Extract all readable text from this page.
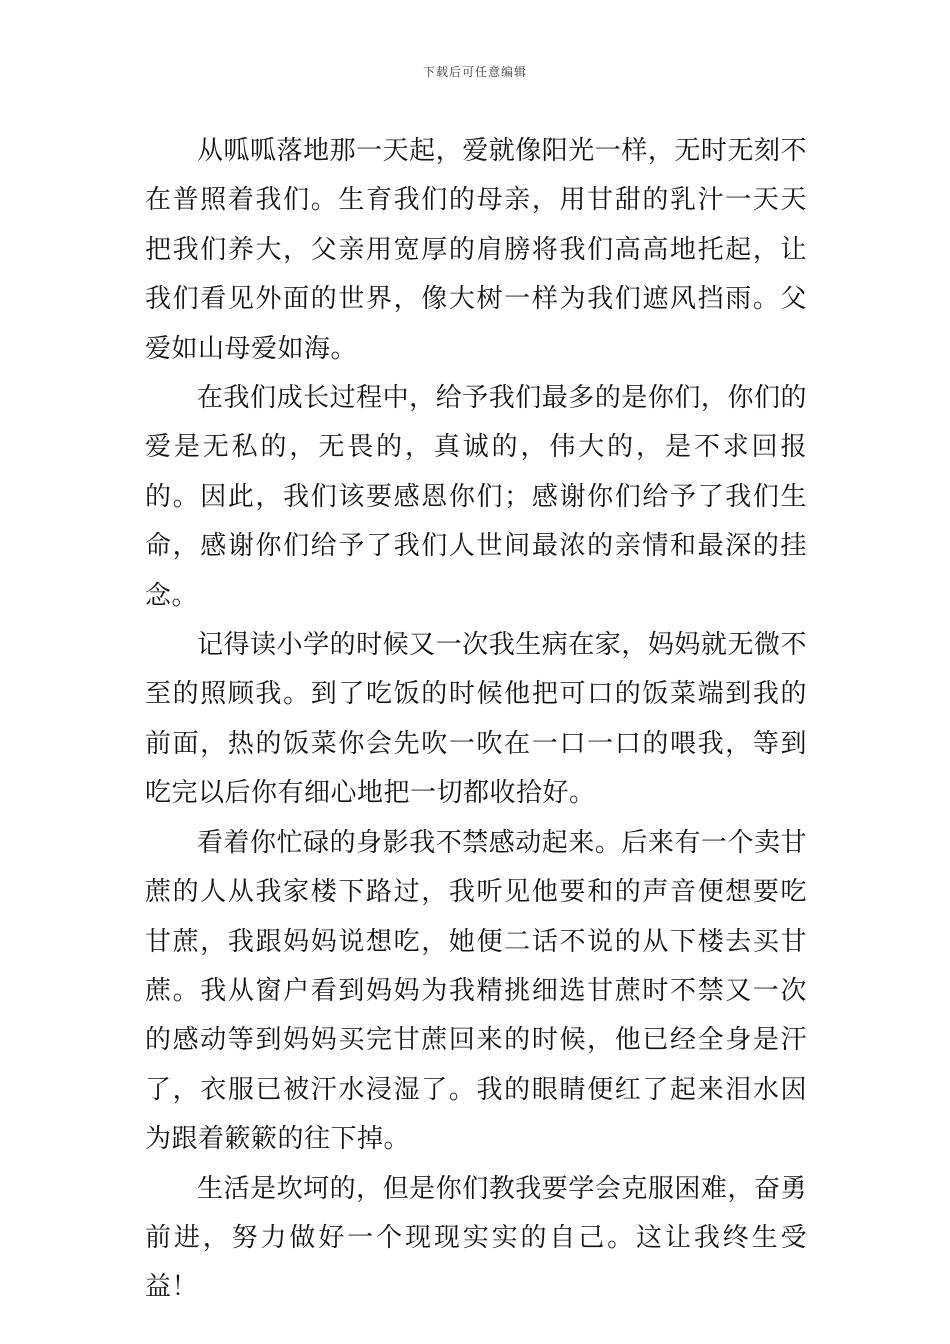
下载后可任意编辑

从呱呱落地那一天起，爱就像阳光一样，无时无刻不在普照着我们。生育我们的母亲，用甘甜的乳汁一天天把我们养大，父亲用宽厚的肩膀将我们高高地托起，让我们看见外面的世界，像大树一样为我们遮风挡雨。父爱如山母爱如海。

在我们成长过程中，给予我们最多的是你们，你们的爱是无私的，无畏的，真诚的，伟大的，是不求回报的。因此，我们该要感恩你们；感谢你们给予了我们生命，感谢你们给予了我们人世间最浓的亲情和最深的挂念。

记得读小学的时候又一次我生病在家，妈妈就无微不至的照顾我。到了吃饭的时候他把可口的饭菜端到我的前面，热的饭菜你会先吹一吹在一口一口的喂我，等到吃完以后你有细心地把一切都收拾好。

看着你忙碌的身影我不禁感动起来。后来有一个卖甘蔗的人从我家楼下路过，我听见他要和的声音便想要吃甘蔗，我跟妈妈说想吃，她便二话不说的从下楼去买甘蔗。我从窗户看到妈妈为我精挑细选甘蔗时不禁又一次的感动等到妈妈买完甘蔗回来的时候，他已经全身是汗了，衣服已被汗水浸湿了。我的眼睛便红了起来泪水因为跟着簌簌的往下掉。

生活是坎坷的，但是你们教我要学会克服困难，奋勇前进，努力做好一个现现实实的自己。这让我终生受益！
